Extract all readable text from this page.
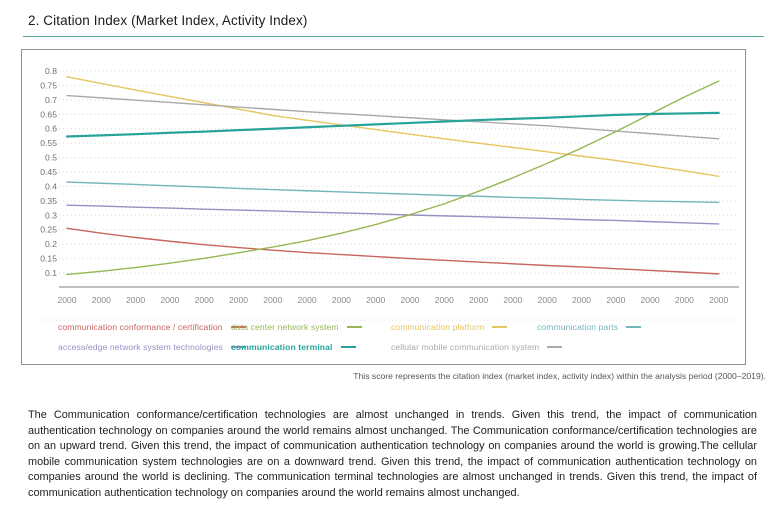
2. Citation Index (Market Index, Activity Index)
0.8
0.75
0.7
0.65
0.6
0.55
0.5
0.45
0.4
0.35
0.3
0.25
0.2
0.15
0.1
2000 2000 2000 2000 2000 2000 2000 2000 2000 2000 2000 2000 2000 2000 2000 2000 2000 2000 2000 2000
communication conformance / certification data center network system	communication platform	communication parts
access/edge network system technologies communication terminal	cellular mobile communication system
This score represents the citation index (market index, activity index) within the analysis period (2000–2019).
The Communication conformance/certification technologies are almost unchanged in trends. Given this trend, the impact of communication authentication technology on companies around the world remains almost unchanged. The Communication conformance/certification technologies are on an upward trend. Given this trend, the impact of communication authentication technology on companies around the world is growing.The cellular mobile communication system technologies are on a downward trend. Given this trend, the impact of communication authentication technology on companies around the world is declining. The communication terminal technologies are almost unchanged in trends. Given this trend, the impact of communication authentication technology on companies around the world remains almost unchanged.
